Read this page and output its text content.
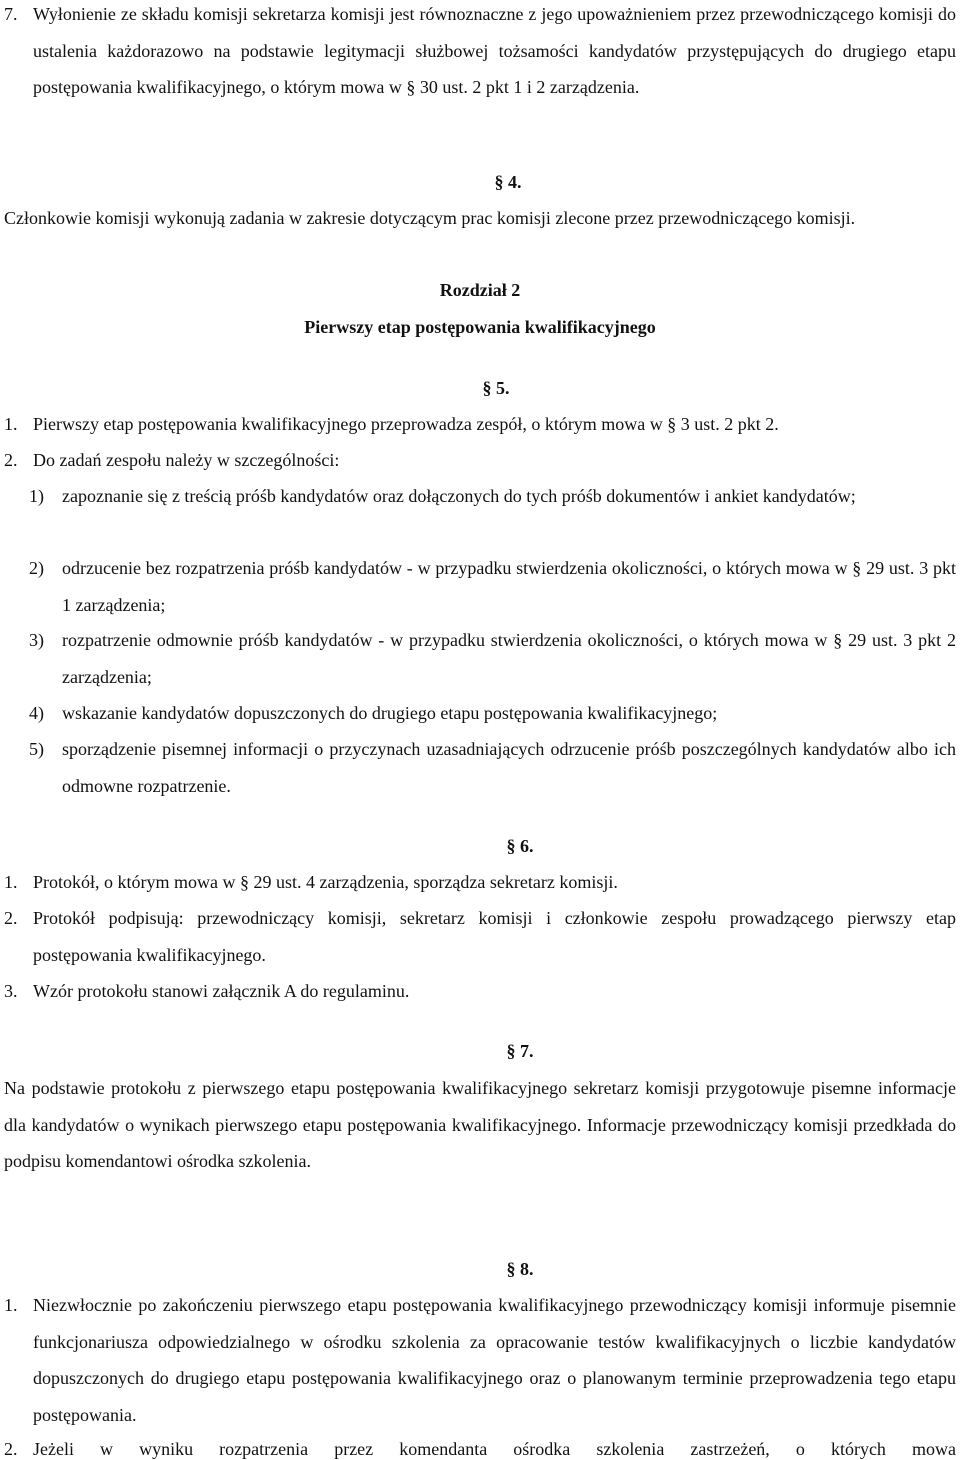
7. Wyłonienie ze składu komisji sekretarza komisji jest równoznaczne z jego upoważnieniem przez przewodniczącego komisji do ustalenia każdorazowo na podstawie legitymacji służbowej tożsamości kandydatów przystępujących do drugiego etapu postępowania kwalifikacyjnego, o którym mowa w § 30 ust. 2 pkt 1 i 2 zarządzenia.
§ 4.
Członkowie komisji wykonują zadania w zakresie dotyczącym prac komisji zlecone przez przewodniczącego komisji.
Rozdział 2
Pierwszy etap postępowania kwalifikacyjnego
§ 5.
1. Pierwszy etap postępowania kwalifikacyjnego przeprowadza zespół, o którym mowa w § 3 ust. 2 pkt 2.
2. Do zadań zespołu należy w szczególności:
1)	zapoznanie się z treścią próśb kandydatów oraz dołączonych do tych próśb dokumentów i ankiet kandydatów;
2)	odrzucenie bez rozpatrzenia próśb kandydatów - w przypadku stwierdzenia okoliczności, o których mowa w § 29 ust. 3 pkt 1 zarządzenia;
3)	rozpatrzenie odmownie próśb kandydatów - w przypadku stwierdzenia okoliczności, o których mowa w § 29 ust. 3 pkt 2 zarządzenia;
4)	wskazanie kandydatów dopuszczonych do drugiego etapu postępowania kwalifikacyjnego;
5)	sporządzenie pisemnej informacji o przyczynach uzasadniających odrzucenie próśb poszczególnych kandydatów albo ich odmowne rozpatrzenie.
§ 6.
1. Protokół, o którym mowa w § 29 ust. 4 zarządzenia, sporządza sekretarz komisji.
2. Protokół podpisują: przewodniczący komisji, sekretarz komisji i członkowie zespołu prowadzącego pierwszy etap postępowania kwalifikacyjnego.
3. Wzór protokołu stanowi załącznik A do regulaminu.
§ 7.
Na podstawie protokołu z pierwszego etapu postępowania kwalifikacyjnego sekretarz komisji przygotowuje pisemne informacje dla kandydatów o wynikach pierwszego etapu postępowania kwalifikacyjnego. Informacje przewodniczący komisji przedkłada do podpisu komendantowi ośrodka szkolenia.
§ 8.
1. Niezwłocznie po zakończeniu pierwszego etapu postępowania kwalifikacyjnego przewodniczący komisji informuje pisemnie funkcjonariusza odpowiedzialnego w ośrodku szkolenia za opracowanie testów kwalifikacyjnych o liczbie kandydatów dopuszczonych do drugiego etapu postępowania kwalifikacyjnego oraz o planowanym terminie przeprowadzenia tego etapu postępowania.
2. Jeżeli w wyniku rozpatrzenia przez komendanta ośrodka szkolenia zastrzeżeń, o których mowa
